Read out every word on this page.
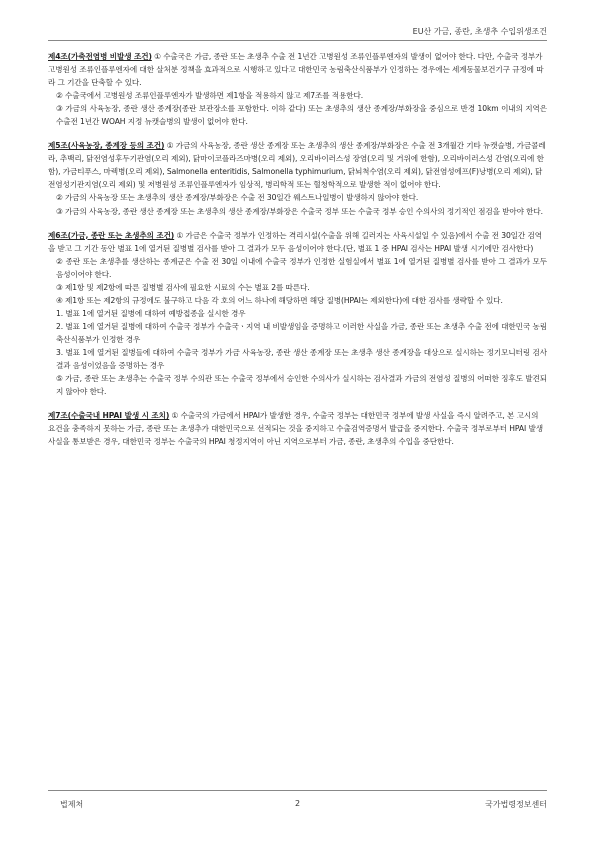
EU산 가금, 종란, 초생추 수입위생조건

제4조(가축전염병 비발생 조건) ① 수출국은 가금, 종란 또는 초생추 수출 전 1년간 고병원성 조류인플루엔자의 발생이 없어야 한다. 다만, 수출국 정부가 고병원성 조류인플루엔자에 대한 살처분 정책을 효과적으로 시행하고 있다고 대한민국 농림축산식품부가 인정하는 경우에는 세계동물보건기구 규정에 따라 그 기간을 단축할 수 있다.

② 수출국에서 고병원성 조류인플루엔자가 발생하면 제1항을 적용하지 않고 제7조를 적용한다.

③ 가금의 사육농장, 종란 생산 종계장(종란 보관장소를 포함한다. 이하 같다) 또는 초생추의 생산 종계장/부화장을 중심으로 반경 10km 이내의 지역은 수출전 1년간 WOAH 지정 뉴캣슬병의 발생이 없어야 한다.

제5조(사육농장, 종계장 등의 조건) ① 가금의 사육농장, 종란 생산 종계장 또는 초생추의 생산 종계장/부화장은 수출 전 3개월간 기타 뉴캣슬병, 가금콜레라, 추백리, 닭전염성후두기관염(오리 제외), 닭마이코플라즈마병(오리 제외), 오리바이러스성 장염(오리 및 거위에 한함), 오리바이러스성 간염(오리에 한함), 가금티푸스, 마렉병(오리 제외), Salmonella enteritidis, Salmonella typhimurium, 닭뇌척수염(오리 제외), 닭전염성에프(F)낭병(오리 제외), 닭전염성기관지염(오리 제외) 및 저병원성 조류인플루엔자가 임상적, 병리학적 또는 혈청학적으로 발생한 적이 없어야 한다.

② 가금의 사육농장 또는 초생추의 생산 종계장/부화장은 수출 전 30일간 웨스트나일병이 발생하지 않아야 한다.

③ 가금의 사육농장, 종란 생산 종계장 또는 초생추의 생산 종계장/부화장은 수출국 정부 또는 수출국 정부 승인 수의사의 정기적인 점검을 받아야 한다.

제6조(가금, 종란 또는 초생추의 조건) ① 가금은 수출국 정부가 인정하는 격리시설(수출을 위해 길러지는 사육시설일 수 있음)에서 수출 전 30일간 검역을 받고 그 기간 동안 별표 1에 열거된 질병별 검사를 받아 그 결과가 모두 음성이어야 한다.(단, 별표 1 중 HPAI 검사는 HPAI 발생 시기에만 검사한다)

② 종란 또는 초생추를 생산하는 종계군은 수출 전 30일 이내에 수출국 정부가 인정한 실험실에서 별표 1에 열거된 질병별 검사를 받아 그 결과가 모두 음성이어야 한다.

③ 제1항 및 제2항에 따른 질병별 검사에 필요한 시료의 수는 별표 2를 따른다.

④ 제1항 또는 제2항의 규정에도 불구하고 다음 각 호의 어느 하나에 해당하면 해당 질병(HPAI는 제외한다)에 대한 검사를 생략할 수 있다.

1. 별표 1에 열거된 질병에 대하여 예방접종을 실시한 경우

2. 별표 1에 열거된 질병에 대하여 수출국 정부가 수출국ㆍ지역 내 비발생임을 증명하고 이러한 사실을 가금, 종란 또는 초생추 수출 전에 대한민국 농림축산식품부가 인정한 경우

3. 별표 1에 열거된 질병들에 대하여 수출국 정부가 가금 사육농장, 종란 생산 종계장 또는 초생추 생산 종계장을 대상으로 실시하는 정기모니터링 검사결과 음성이었음을 증명하는 경우

⑤ 가금, 종란 또는 초생추는 수출국 정부 수의관 또는 수출국 정부에서 승인한 수의사가 실시하는 검사결과 가금의 전염성 질병의 어떠한 징후도 발견되지 않아야 한다.

제7조(수출국내 HPAI 발생 시 조치) ① 수출국의 가금에서 HPAI가 발생한 경우, 수출국 정부는 대한민국 정부에 발생 사실을 즉시 알려주고, 본 고시의 요건을 충족하지 못하는 가금, 종란 또는 초생추가 대한민국으로 선적되는 것을 중지하고 수출검역증명서 발급을 중지한다. 수출국 정부로부터 HPAI 발생 사실을 통보받은 경우, 대한민국 정부는 수출국의 HPAI 청정지역이 아닌 지역으로부터 가금, 종란, 초생추의 수입을 중단한다.

법제처	2	국가법령정보센터
